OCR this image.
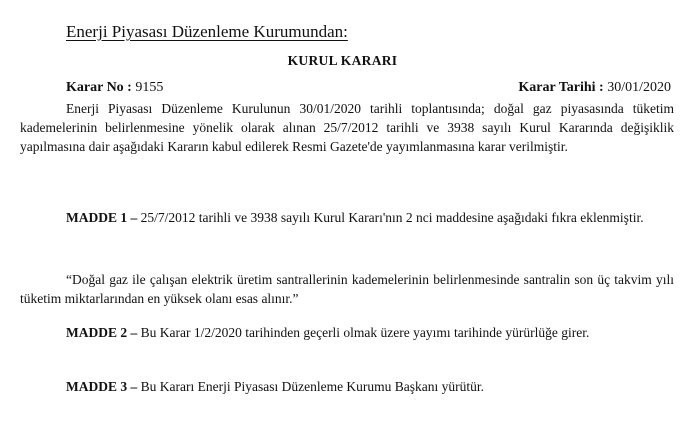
Enerji Piyasası Düzenleme Kurumundan:
KURUL KARARI
Karar No : 9155	Karar Tarihi : 30/01/2020

Enerji Piyasası Düzenleme Kurulunun 30/01/2020 tarihli toplantısında; doğal gaz piyasasında tüketim kademelerinin belirlenmesine yönelik olarak alınan 25/7/2012 tarihli ve 3938 sayılı Kurul Kararında değişiklik yapılmasına dair aşağıdaki Kararın kabul edilerek Resmi Gazete'de yayımlanmasına karar verilmiştir.

MADDE 1 – 25/7/2012 tarihli ve 3938 sayılı Kurul Kararı'nın 2 nci maddesine aşağıdaki fıkra eklenmiştir.

“Doğal gaz ile çalışan elektrik üretim santrallerinin kademelerinin belirlenmesinde santralin son üç takvim yılı tüketim miktarlarından en yüksek olanı esas alınır.”

MADDE 2 – Bu Karar 1/2/2020 tarihinden geçerli olmak üzere yayımı tarihinde yürürlüğe girer.

MADDE 3 – Bu Kararı Enerji Piyasası Düzenleme Kurumu Başkanı yürütür.
